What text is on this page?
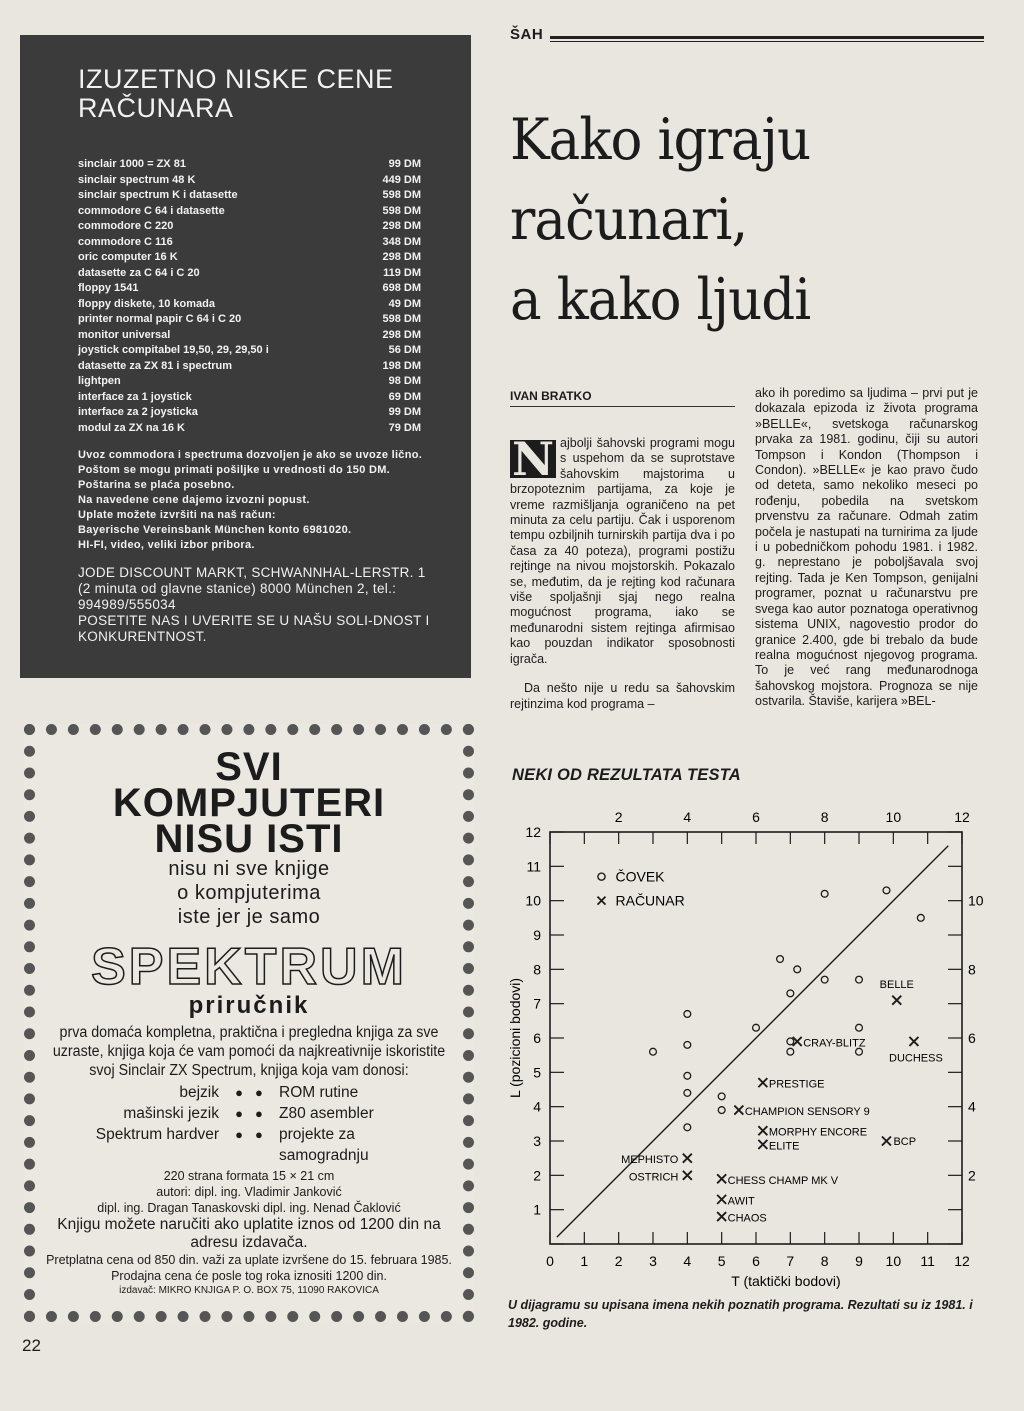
IZUZETNO NISKE CENE
RAČUNARA
sinclair 1000 = ZX 81	99 DM
sinclair spectrum 48 K	449 DM
sinclair spectrum K i datasette	598 DM
commodore C 64 i datasette	598 DM
commodore C 220	298 DM
commodore C 116	348 DM
oric computer 16 K	298 DM
datasette za C 64 i C 20	119 DM
floppy 1541	698 DM
floppy diskete, 10 komada	49 DM
printer normal papir C 64 i C 20	598 DM
monitor universal	298 DM
joystick compitabel 19,50, 29, 29,50 i	56 DM
datasette za ZX 81 i spectrum	198 DM
lightpen	98 DM
interface za 1 joystick	69 DM
interface za 2 joysticka	99 DM
modul za ZX na 16 K	79 DM
Uvoz commodora i spectruma dozvoljen je ako se uvoze lično.
Poštom se mogu primati pošiljke u vrednosti do 150 DM. Poštarina se plaća posebno.
Na navedene cene dajemo izvozni popust.
Uplate možete izvršiti na naš račun:
Bayerische Vereinsbank München konto 6981020.
HI-FI, video, veliki izbor pribora.
JODE DISCOUNT MARKT, SCHWANNHAL-LERSTR. 1
(2 minuta od glavne stanice) 8000 München 2, tel.: 994989/555034
POSETITE NAS I UVERITE SE U NAŠU SOLI-DNOST I KONKURENTNOST.
SVI
KOMPJUTERI
NISU ISTI
nisu ni sve knjige
o kompjuterima
iste jer je samo
SPEKTRUM
priručnik
prva domaća kompletna, praktična i pregledna knjiga za sve uzraste, knjiga koja će vam pomoći da najkreativnije iskoristite svoj Sinclair ZX Spectrum, knjiga koja vam donosi:
bejzik ●	● ROM rutine
mašinski jezik ●	● Z80 asembler
Spektrum hardver ●	● projekte za samogradnju
220 strana formata 15 × 21 cm
autori: dipl. ing. Vladimir Janković
dipl. ing. Dragan Tanaskovski dipl. ing. Nenad Čaklović
Knjigu možete naručiti ako uplatite iznos od 1200 din na adresu izdavača.
Pretplatna cena od 850 din. važi za uplate izvršene do 15. februara 1985.
Prodajna cena će posle tog roka iznositi 1200 din.
izdavač: MIKRO KNJIGA P. O. BOX 75, 11090 RAKOVICA
22
ŠAH
Kako igraju
računari,
a kako ljudi
IVAN BRATKO

N ajbolji šahovski programi mogu s uspehom da se suprotstave šahovskim majstorima u brzopoteznim partijama, za koje je vreme razmišljanja ograničeno na pet minuta za celu partiju. Čak i usporenom tempu ozbiljnih turnirskih partija dva i po časa za 40 poteza), programi postižu rejtinge na nivou mojstorskih. Pokazalo se, međutim, da je rejting kod računara više spoljašnji sjaj nego realna mogućnost programa, iako se međunarodni sistem rejtinga afirmisao kao pouzdan indikator sposobnosti igrača.

Da nešto nije u redu sa šahovskim rejtinzima kod programa –

ako ih poredimo sa ljudima – prvi put je dokazala epizoda iz života programa »BELLE«, svetskoga računarskog prvaka za 1981. godinu, čiji su autori Tompson i Kondon (Thompson i Condon). »BELLE« je kao pravo čudo od deteta, samo nekoliko meseci po rođenju, pobedila na svetskom prvenstvu za računare. Odmah zatim počela je nastupati na turnirima za ljude i u pobedničkom pohodu 1981. i 1982. g. neprestano je poboljšavala svoj rejting. Tada je Ken Tompson, genijalni programer, poznat u računarstvu pre svega kao autor poznatoga operativnog sistema UNIX, nagovestio prodor do granice 2.400, gde bi trebalo da bude realna mogućnost njegovog programa. To je već rang međunarodnoga šahovskog mojstora. Prognoza se nije ostvarila. Štaviše, karijera »BEL-
NEKI OD REZULTATA TESTA
0 1 2 3 4 5 6 7 8 9 10 11 12
2	4	6	8	10	12
1
2
3
4
5
6
7
8
9
10
11
12
2
4
6
8
10
T (taktički bodovi)
L (pozicioni bodovi)
ČOVEK
RAČUNAR
BELLE
CRAY-BLITZ
DUCHESS
PRESTIGE
CHAMPION SENSORY 9
MORPHY ENCORE
ELITE	BCP
MEPHISTO
OSTRICH	CHESS CHAMP MK V
AWIT
CHAOS
U dijagramu su upisana imena nekih poznatih programa. Rezultati su iz 1981. i 1982. godine.
